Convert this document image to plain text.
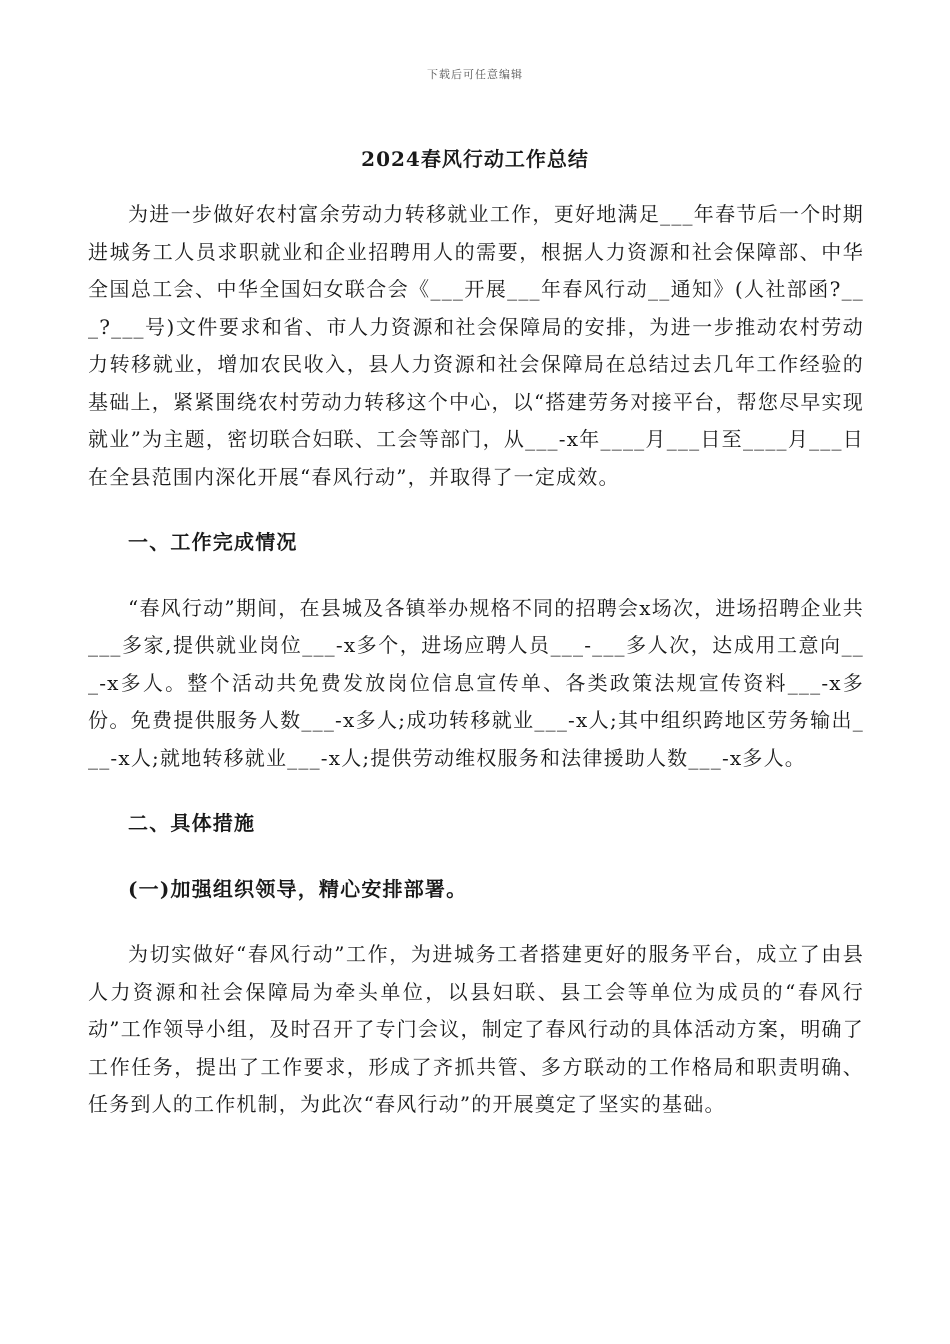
下载后可任意编辑
2024春风行动工作总结

为进一步做好农村富余劳动力转移就业工作，更好地满足___年春节后一个时期进城务工人员求职就业和企业招聘用人的需要，根据人力资源和社会保障部、中华全国总工会、中华全国妇女联合会《___开展___年春风行动__通知》(人社部函?___?___号)文件要求和省、市人力资源和社会保障局的安排，为进一步推动农村劳动力转移就业，增加农民收入，县人力资源和社会保障局在总结过去几年工作经验的基础上，紧紧围绕农村劳动力转移这个中心，以“搭建劳务对接平台，帮您尽早实现就业”为主题，密切联合妇联、工会等部门，从___-x年____月___日至____月___日在全县范围内深化开展“春风行动”，并取得了一定成效。

一、工作完成情况

“春风行动”期间，在县城及各镇举办规格不同的招聘会x场次，进场招聘企业共___多家,提供就业岗位___-x多个，进场应聘人员___-___多人次，达成用工意向___-x多人。整个活动共免费发放岗位信息宣传单、各类政策法规宣传资料___-x多份。免费提供服务人数___-x多人;成功转移就业___-x人;其中组织跨地区劳务输出___-x人;就地转移就业___-x人;提供劳动维权服务和法律援助人数___-x多人。

二、具体措施

(一)加强组织领导，精心安排部署。

为切实做好“春风行动”工作，为进城务工者搭建更好的服务平台，成立了由县人力资源和社会保障局为牵头单位，以县妇联、县工会等单位为成员的“春风行动”工作领导小组，及时召开了专门会议，制定了春风行动的具体活动方案，明确了工作任务，提出了工作要求，形成了齐抓共管、多方联动的工作格局和职责明确、任务到人的工作机制，为此次“春风行动”的开展奠定了坚实的基础。
